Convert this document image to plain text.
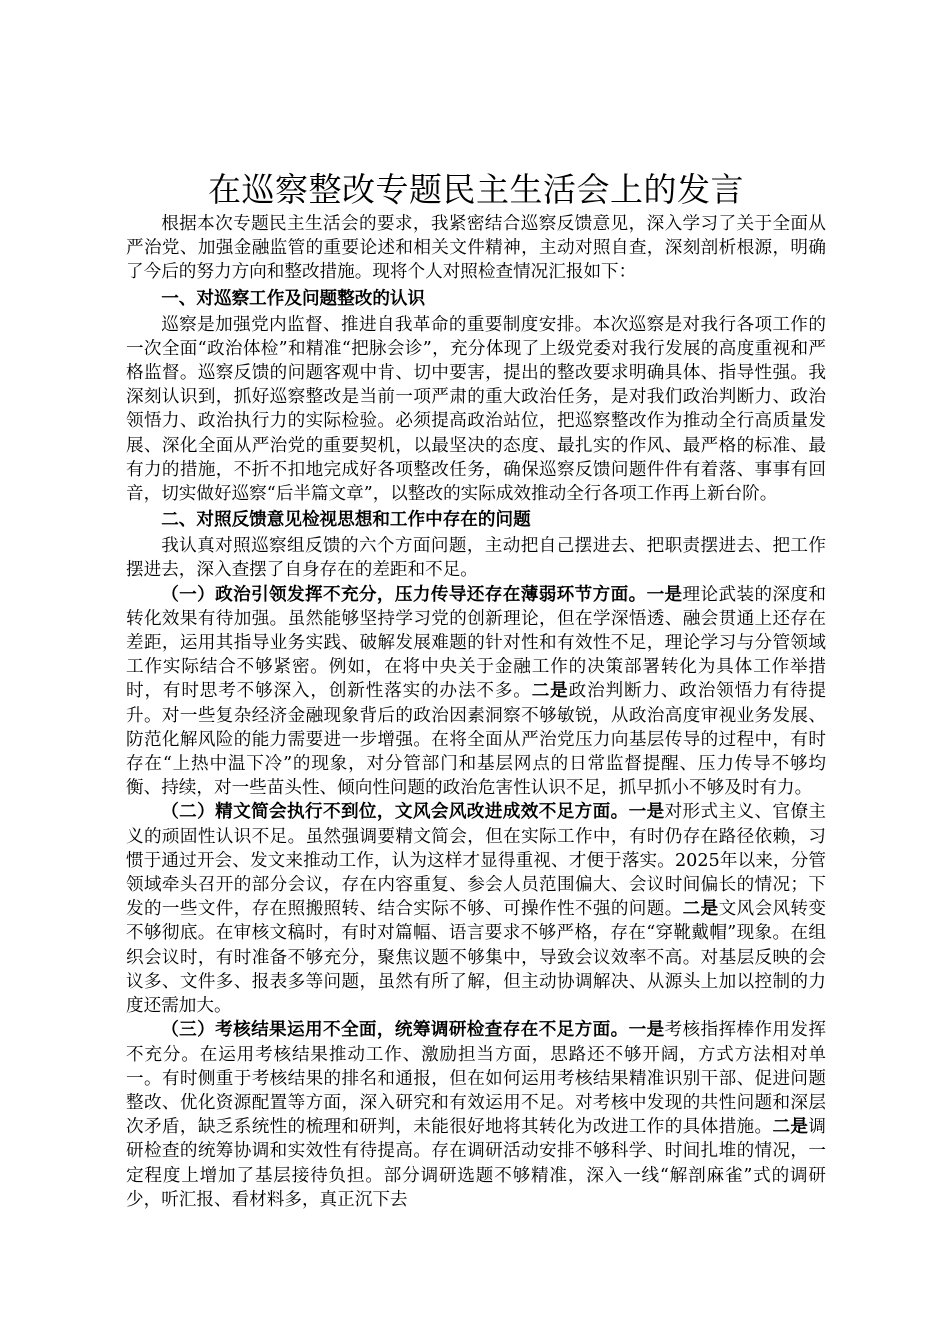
在巡察整改专题民主生活会上的发言

根据本次专题民主生活会的要求，我紧密结合巡察反馈意见，深入学习了关于全面从严治党、加强金融监管的重要论述和相关文件精神，主动对照自查，深刻剖析根源，明确了今后的努力方向和整改措施。现将个人对照检查情况汇报如下：

一、对巡察工作及问题整改的认识

巡察是加强党内监督、推进自我革命的重要制度安排。本次巡察是对我行各项工作的一次全面“政治体检”和精准“把脉会诊”，充分体现了上级党委对我行发展的高度重视和严格监督。巡察反馈的问题客观中肯、切中要害，提出的整改要求明确具体、指导性强。我深刻认识到，抓好巡察整改是当前一项严肃的重大政治任务，是对我们政治判断力、政治领悟力、政治执行力的实际检验。必须提高政治站位，把巡察整改作为推动全行高质量发展、深化全面从严治党的重要契机，以最坚决的态度、最扎实的作风、最严格的标准、最有力的措施，不折不扣地完成好各项整改任务，确保巡察反馈问题件件有着落、事事有回音，切实做好巡察“后半篇文章”，以整改的实际成效推动全行各项工作再上新台阶。

二、对照反馈意见检视思想和工作中存在的问题

我认真对照巡察组反馈的六个方面问题，主动把自己摆进去、把职责摆进去、把工作摆进去，深入查摆了自身存在的差距和不足。

（一）政治引领发挥不充分，压力传导还存在薄弱环节方面。一是理论武装的深度和转化效果有待加强。虽然能够坚持学习党的创新理论，但在学深悟透、融会贯通上还存在差距，运用其指导业务实践、破解发展难题的针对性和有效性不足，理论学习与分管领域工作实际结合不够紧密。例如，在将中央关于金融工作的决策部署转化为具体工作举措时，有时思考不够深入，创新性落实的办法不多。二是政治判断力、政治领悟力有待提升。对一些复杂经济金融现象背后的政治因素洞察不够敏锐，从政治高度审视业务发展、防范化解风险的能力需要进一步增强。在将全面从严治党压力向基层传导的过程中，有时存在“上热中温下冷”的现象，对分管部门和基层网点的日常监督提醒、压力传导不够均衡、持续，对一些苗头性、倾向性问题的政治危害性认识不足，抓早抓小不够及时有力。

（二）精文简会执行不到位，文风会风改进成效不足方面。一是对形式主义、官僚主义的顽固性认识不足。虽然强调要精文简会，但在实际工作中，有时仍存在路径依赖，习惯于通过开会、发文来推动工作，认为这样才显得重视、才便于落实。2025年以来，分管领域牵头召开的部分会议，存在内容重复、参会人员范围偏大、会议时间偏长的情况；下发的一些文件，存在照搬照转、结合实际不够、可操作性不强的问题。二是文风会风转变不够彻底。在审核文稿时，有时对篇幅、语言要求不够严格，存在“穿靴戴帽”现象。在组织会议时，有时准备不够充分，聚焦议题不够集中，导致会议效率不高。对基层反映的会议多、文件多、报表多等问题，虽然有所了解，但主动协调解决、从源头上加以控制的力度还需加大。

（三）考核结果运用不全面，统筹调研检查存在不足方面。一是考核指挥棒作用发挥不充分。在运用考核结果推动工作、激励担当方面，思路还不够开阔，方式方法相对单一。有时侧重于考核结果的排名和通报，但在如何运用考核结果精准识别干部、促进问题整改、优化资源配置等方面，深入研究和有效运用不足。对考核中发现的共性问题和深层次矛盾，缺乏系统性的梳理和研判，未能很好地将其转化为改进工作的具体措施。二是调研检查的统筹协调和实效性有待提高。存在调研活动安排不够科学、时间扎堆的情况，一定程度上增加了基层接待负担。部分调研选题不够精准，深入一线“解剖麻雀”式的调研少，听汇报、看材料多，真正沉下去
